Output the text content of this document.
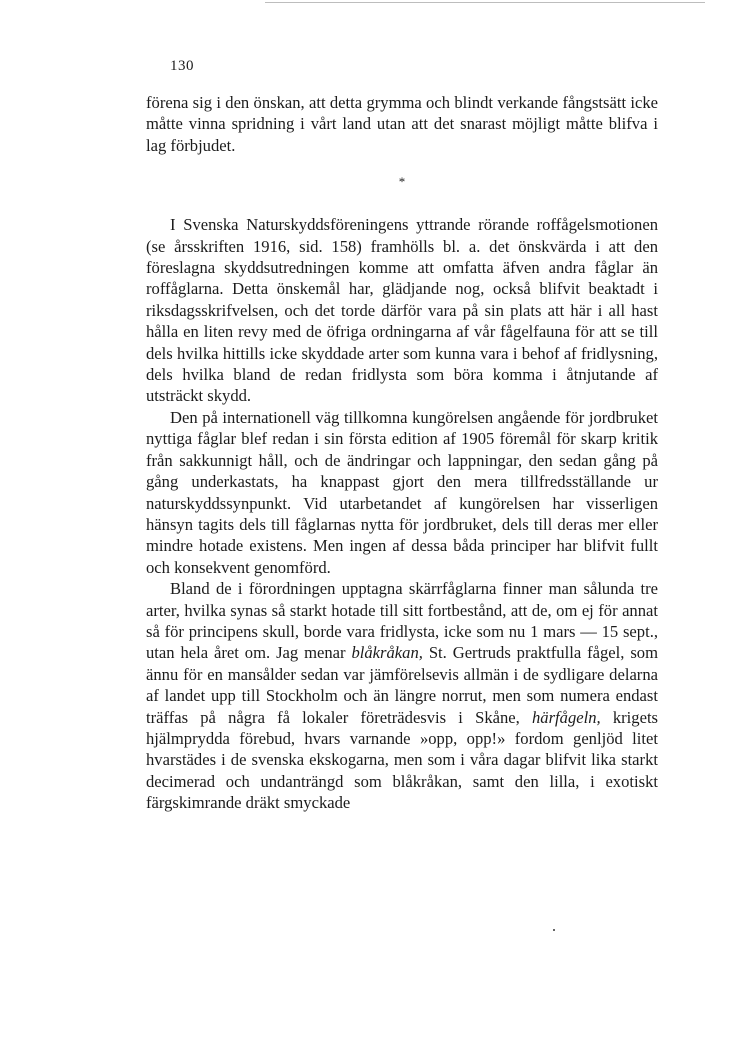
130

förena sig i den önskan, att detta grymma och blindt verkande fångstsätt icke måtte vinna spridning i vårt land utan att det snarast möjligt måtte blifva i lag förbjudet.

*

I Svenska Naturskyddsföreningens yttrande rörande roffågelsmotionen (se årsskriften 1916, sid. 158) framhölls bl. a. det önskvärda i att den föreslagna skyddsutredningen komme att omfatta äfven andra fåglar än roffåglarna. Detta önskemål har, glädjande nog, också blifvit beaktadt i riksdagsskrifvelsen, och det torde därför vara på sin plats att här i all hast hålla en liten revy med de öfriga ordningarna af vår fågelfauna för att se till dels hvilka hittills icke skyddade arter som kunna vara i behof af fridlysning, dels hvilka bland de redan fridlysta som böra komma i åtnjutande af utsträckt skydd.

Den på internationell väg tillkomna kungörelsen angående för jordbruket nyttiga fåglar blef redan i sin första edition af 1905 föremål för skarp kritik från sakkunnigt håll, och de ändringar och lappningar, den sedan gång på gång underkastats, ha knappast gjort den mera tillfredsställande ur naturskyddssynpunkt. Vid utarbetandet af kungörelsen har visserligen hänsyn tagits dels till fåglarnas nytta för jordbruket, dels till deras mer eller mindre hotade existens. Men ingen af dessa båda principer har blifvit fullt och konsekvent genomförd.

Bland de i förordningen upptagna skärrfåglarna finner man sålunda tre arter, hvilka synas så starkt hotade till sitt fortbestånd, att de, om ej för annat så för principens skull, borde vara fridlysta, icke som nu 1 mars — 15 sept., utan hela året om. Jag menar blåkråkan, St. Gertruds praktfulla fågel, som ännu för en mansålder sedan var jämförelsevis allmän i de sydligare delarna af landet upp till Stockholm och än längre norrut, men som numera endast träffas på några få lokaler företrädesvis i Skåne, härfågeln, krigets hjälmprydda förebud, hvars varnande »opp, opp!» fordom genljöd litet hvarstädes i de svenska ekskogarna, men som i våra dagar blifvit lika starkt decimerad och undanträngd som blåkråkan, samt den lilla, i exotiskt färgskimrande dräkt smyckade
